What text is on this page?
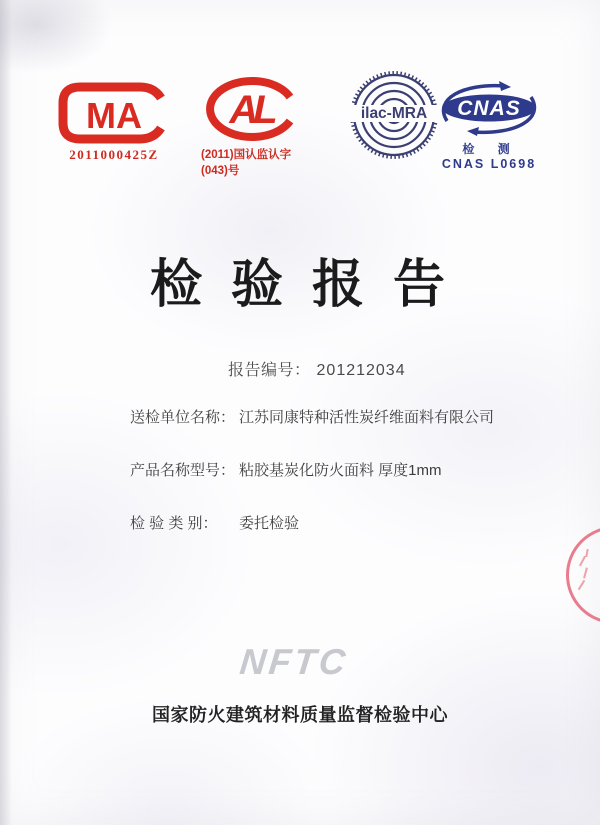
MA
2011000425Z
AL
(2011)国认监认字(043)号
ilac-MRA CNAS
检 测
CNAS L0698
检验报告
报告编号： 201212034
送检单位名称： 江苏同康特种活性炭纤维面料有限公司
产品名称型号： 粘胶基炭化防火面料 厚度1mm
检 验 类 别：	委托检验
NFTC
国家防火建筑材料质量监督检验中心
